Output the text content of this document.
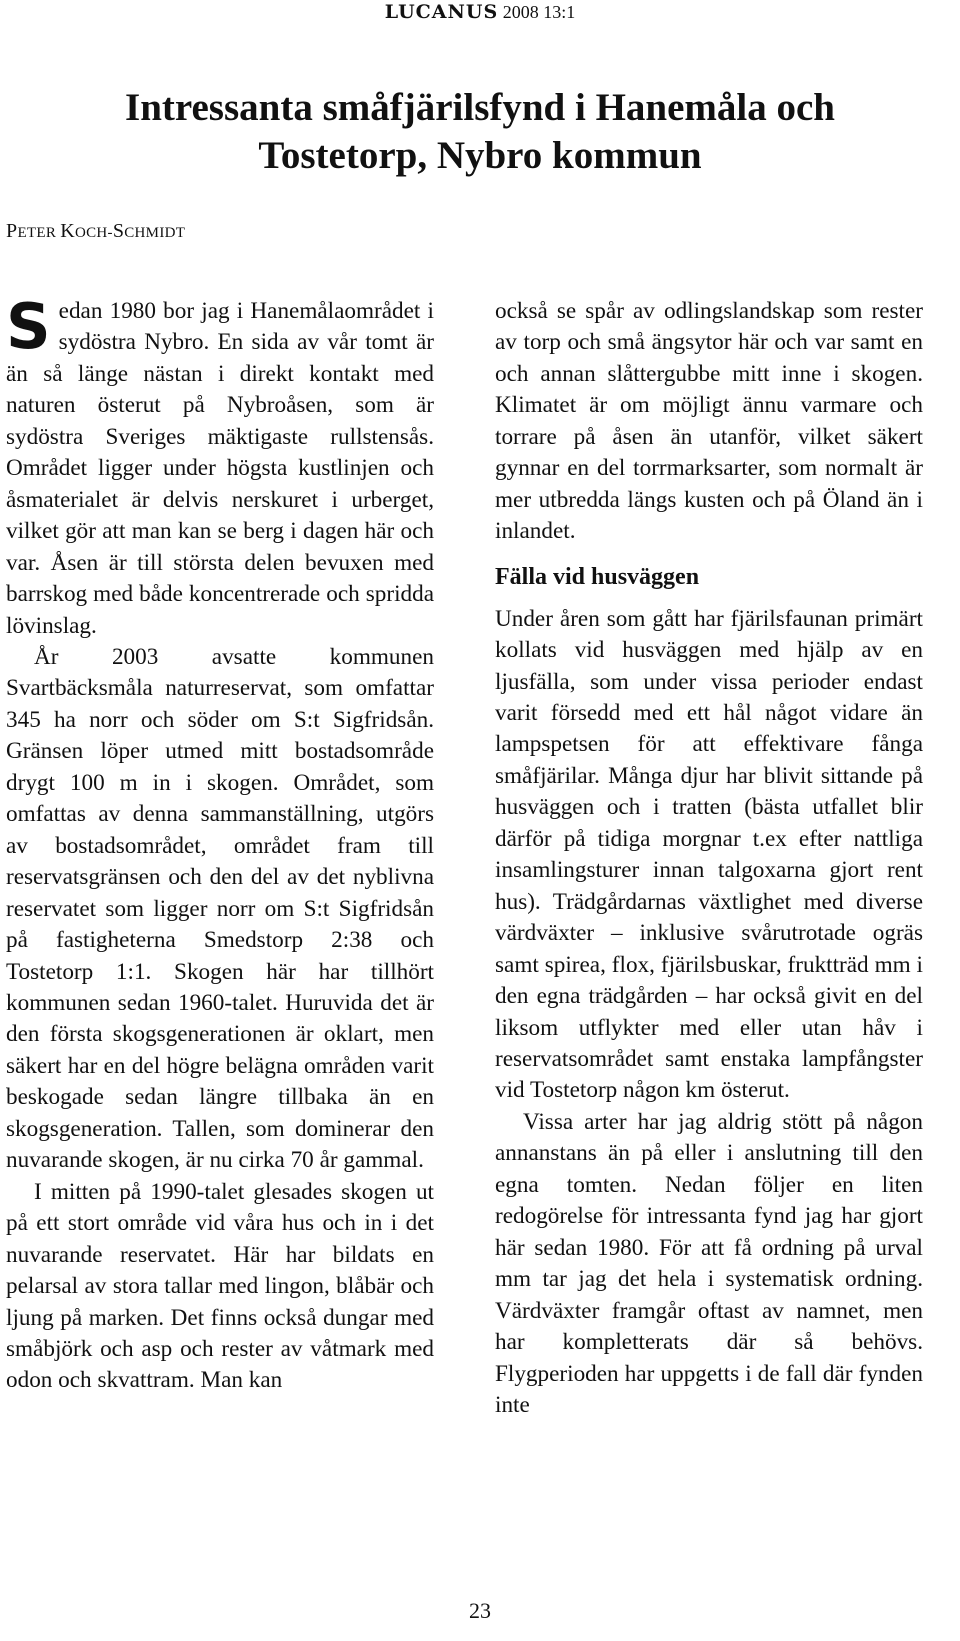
LUCANUS 2008 13:1
Intressanta småfjärilsfynd i Hanemåla och
Tostetorp, Nybro kommun
PETER KOCH-SCHMIDT

Sedan 1980 bor jag i Hanemålaområdet i sydöstra Nybro. En sida av vår tomt är än så länge nästan i direkt kontakt med naturen österut på Nybroåsen, som är sydöstra Sveriges mäktigaste rullstensås. Området ligger under högsta kustlinjen och åsmaterialet är delvis nerskuret i urberget, vilket gör att man kan se berg i dagen här och var. Åsen är till största delen bevuxen med barrskog med både koncentrerade och spridda lövinslag.

År 2003 avsatte kommunen Svartbäcksmåla naturreservat, som omfattar 345 ha norr och söder om S:t Sigfridsån. Gränsen löper utmed mitt bostadsområde drygt 100 m in i skogen. Området, som omfattas av denna sammanställning, utgörs av bostadsområdet, området fram till reservatsgränsen och den del av det nyblivna reservatet som ligger norr om S:t Sigfridsån på fastigheterna Smedstorp 2:38 och Tostetorp 1:1. Skogen här har tillhört kommunen sedan 1960-talet. Huruvida det är den första skogsgenerationen är oklart, men säkert har en del högre belägna områden varit beskogade sedan längre tillbaka än en skogsgeneration. Tallen, som dominerar den nuvarande skogen, är nu cirka 70 år gammal.

I mitten på 1990-talet glesades skogen ut på ett stort område vid våra hus och in i det nuvarande reservatet. Här har bildats en pelarsal av stora tallar med lingon, blåbär och ljung på marken. Det finns också dungar med småbjörk och asp och rester av våtmark med odon och skvattram. Man kan

också se spår av odlingslandskap som rester av torp och små ängsytor här och var samt en och annan slåttergubbe mitt inne i skogen. Klimatet är om möjligt ännu varmare och torrare på åsen än utanför, vilket säkert gynnar en del torrmarksarter, som normalt är mer utbredda längs kusten och på Öland än i inlandet.

Fälla vid husväggen

Under åren som gått har fjärilsfaunan primärt kollats vid husväggen med hjälp av en ljusfälla, som under vissa perioder endast varit försedd med ett hål något vidare än lampspetsen för att effektivare fånga småfjärilar. Många djur har blivit sittande på husväggen och i tratten (bästa utfallet blir därför på tidiga morgnar t.ex efter nattliga insamlingsturer innan talgoxarna gjort rent hus). Trädgårdarnas växtlighet med diverse värdväxter – inklusive svårutrotade ogräs samt spirea, flox, fjärilsbuskar, fruktträd mm i den egna trädgården – har också givit en del liksom utflykter med eller utan håv i reservatsområdet samt enstaka lampfångster vid Tostetorp någon km österut.

Vissa arter har jag aldrig stött på någon annanstans än på eller i anslutning till den egna tomten. Nedan följer en liten redogörelse för intressanta fynd jag har gjort här sedan 1980. För att få ordning på urval mm tar jag det hela i systematisk ordning. Värdväxter framgår oftast av namnet, men har kompletterats där så behövs. Flygperioden har uppgetts i de fall där fynden inte

23
